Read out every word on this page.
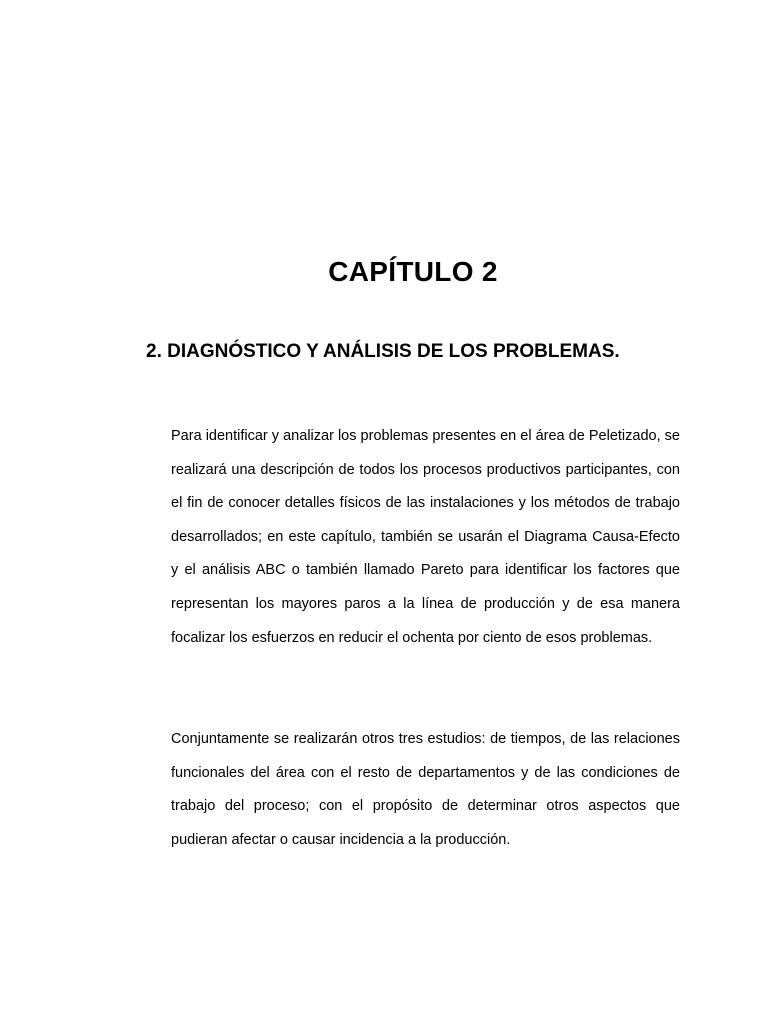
CAPÍTULO 2
2. DIAGNÓSTICO Y ANÁLISIS DE LOS PROBLEMAS.

Para identificar y analizar los problemas presentes en el área de Peletizado, se realizará una descripción de todos los procesos productivos participantes, con el fin de conocer detalles físicos de las instalaciones y los métodos de trabajo desarrollados; en este capítulo, también se usarán el Diagrama Causa-Efecto y el análisis ABC o también llamado Pareto para identificar los factores que representan los mayores paros a la línea de producción y de esa manera focalizar los esfuerzos en reducir el ochenta por ciento de esos problemas.

Conjuntamente se realizarán otros tres estudios: de tiempos, de las relaciones funcionales del área con el resto de departamentos y de las condiciones de trabajo del proceso; con el propósito de determinar otros aspectos que pudieran afectar o causar incidencia a la producción.
